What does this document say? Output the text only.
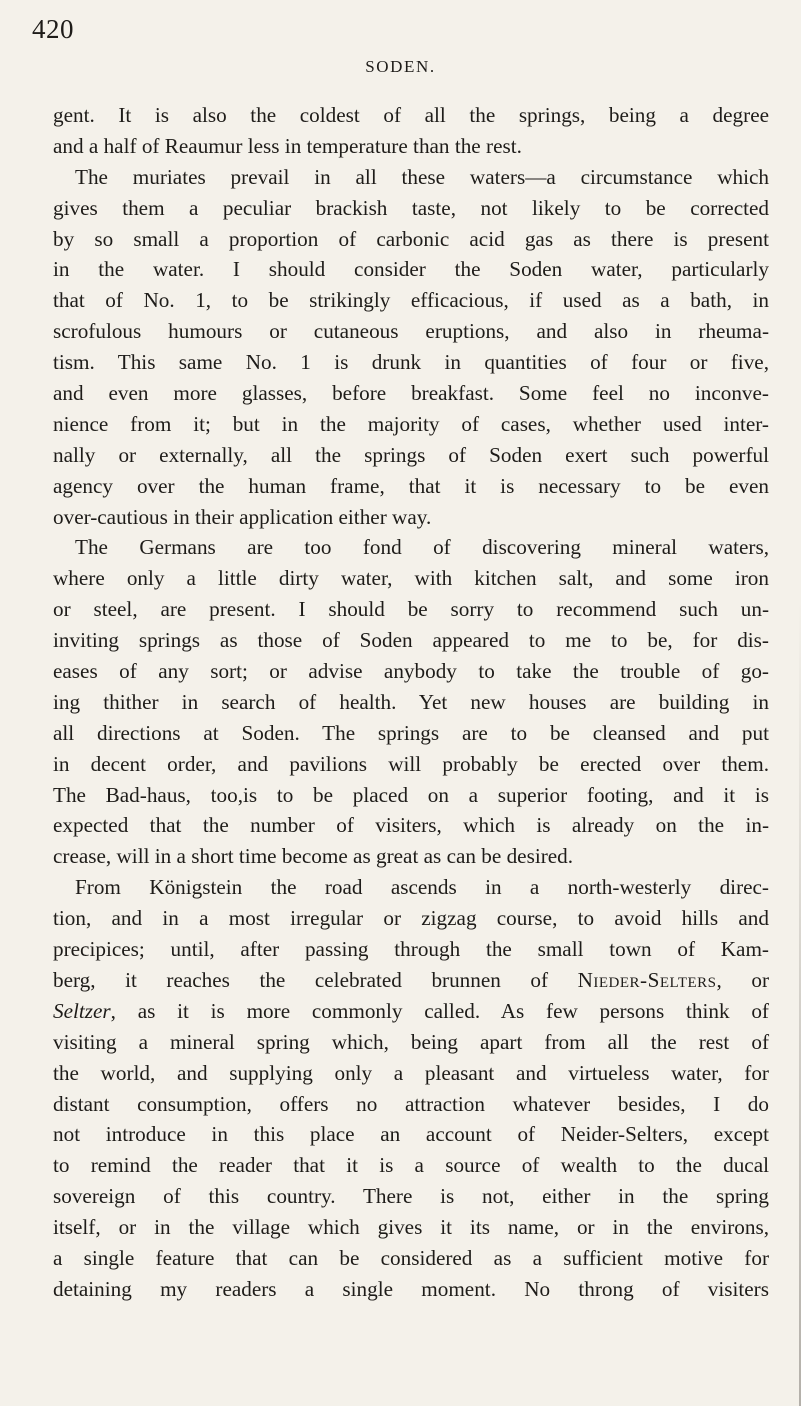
420
SODEN.
gent. It is also the coldest of all the springs, being a degree
and a half of Reaumur less in temperature than the rest.
The muriates prevail in all these waters—a circumstance which
gives them a peculiar brackish taste, not likely to be corrected
by so small a proportion of carbonic acid gas as there is present
in the water. I should consider the Soden water, particularly
that of No. 1, to be strikingly efficacious, if used as a bath, in
scrofulous humours or cutaneous eruptions, and also in rheuma-
tism. This same No. 1 is drunk in quantities of four or five,
and even more glasses, before breakfast. Some feel no inconve-
nience from it; but in the majority of cases, whether used inter-
nally or externally, all the springs of Soden exert such powerful
agency over the human frame, that it is necessary to be even
over-cautious in their application either way.
The Germans are too fond of discovering mineral waters,
where only a little dirty water, with kitchen salt, and some iron
or steel, are present. I should be sorry to recommend such un-
inviting springs as those of Soden appeared to me to be, for dis-
eases of any sort; or advise anybody to take the trouble of go-
ing thither in search of health. Yet new houses are building in
all directions at Soden. The springs are to be cleansed and put
in decent order, and pavilions will probably be erected over them.
The Bad-haus, too,is to be placed on a superior footing, and it is
expected that the number of visiters, which is already on the in-
crease, will in a short time become as great as can be desired.
From Königstein the road ascends in a north-westerly direc-
tion, and in a most irregular or zigzag course, to avoid hills and
precipices; until, after passing through the small town of Kam-
berg, it reaches the celebrated brunnen of Nieder-Selters, or
Seltzer, as it is more commonly called. As few persons think of
visiting a mineral spring which, being apart from all the rest of
the world, and supplying only a pleasant and virtueless water, for
distant consumption, offers no attraction whatever besides, I do
not introduce in this place an account of Neider-Selters, except
to remind the reader that it is a source of wealth to the ducal
sovereign of this country. There is not, either in the spring
itself, or in the village which gives it its name, or in the environs,
a single feature that can be considered as a sufficient motive for
detaining my readers a single moment. No throng of visiters
